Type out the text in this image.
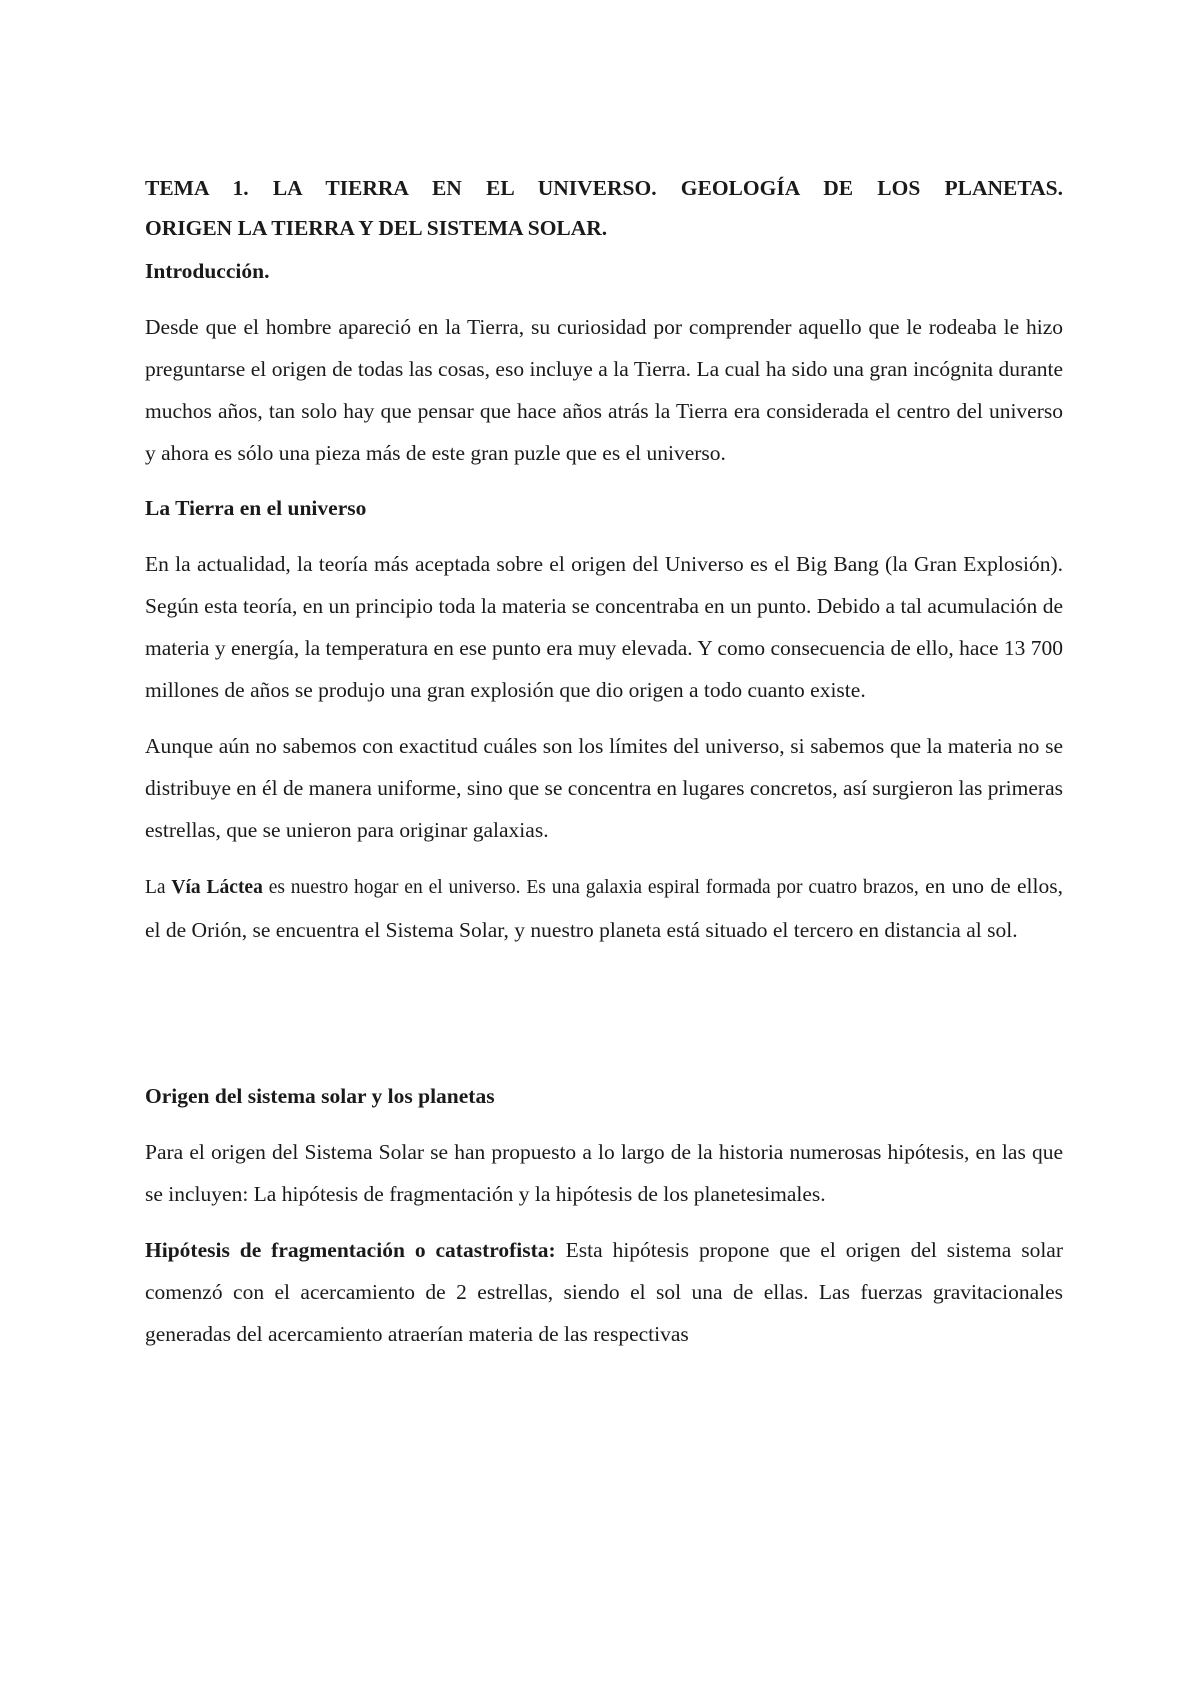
TEMA 1. LA TIERRA EN EL UNIVERSO. GEOLOGÍA DE LOS PLANETAS.
ORIGEN LA TIERRA Y DEL SISTEMA SOLAR.

Introducción.

Desde que el hombre apareció en la Tierra, su curiosidad por comprender aquello que le rodeaba le hizo preguntarse el origen de todas las cosas, eso incluye a la Tierra. La cual ha sido una gran incógnita durante muchos años, tan solo hay que pensar que hace años atrás la Tierra era considerada el centro del universo y ahora es sólo una pieza más de este gran puzle que es el universo.

La Tierra en el universo

En la actualidad, la teoría más aceptada sobre el origen del Universo es el Big Bang (la Gran Explosión). Según esta teoría, en un principio toda la materia se concentraba en un punto. Debido a tal acumulación de materia y energía, la temperatura en ese punto era muy elevada. Y como consecuencia de ello, hace 13 700 millones de años se produjo una gran explosión que dio origen a todo cuanto existe.

Aunque aún no sabemos con exactitud cuáles son los límites del universo, si sabemos que la materia no se distribuye en él de manera uniforme, sino que se concentra en lugares concretos, así surgieron las primeras estrellas, que se unieron para originar galaxias.

La Vía Láctea es nuestro hogar en el universo. Es una galaxia espiral formada por cuatro brazos, en uno de ellos, el de Orión, se encuentra el Sistema Solar, y nuestro planeta está situado el tercero en distancia al sol.

Origen del sistema solar y los planetas

Para el origen del Sistema Solar se han propuesto a lo largo de la historia numerosas hipótesis, en las que se incluyen: La hipótesis de fragmentación y la hipótesis de los planetesimales.

Hipótesis de fragmentación o catastrofista: Esta hipótesis propone que el origen del sistema solar comenzó con el acercamiento de 2 estrellas, siendo el sol una de ellas. Las fuerzas gravitacionales generadas del acercamiento atraerían materia de las respectivas
